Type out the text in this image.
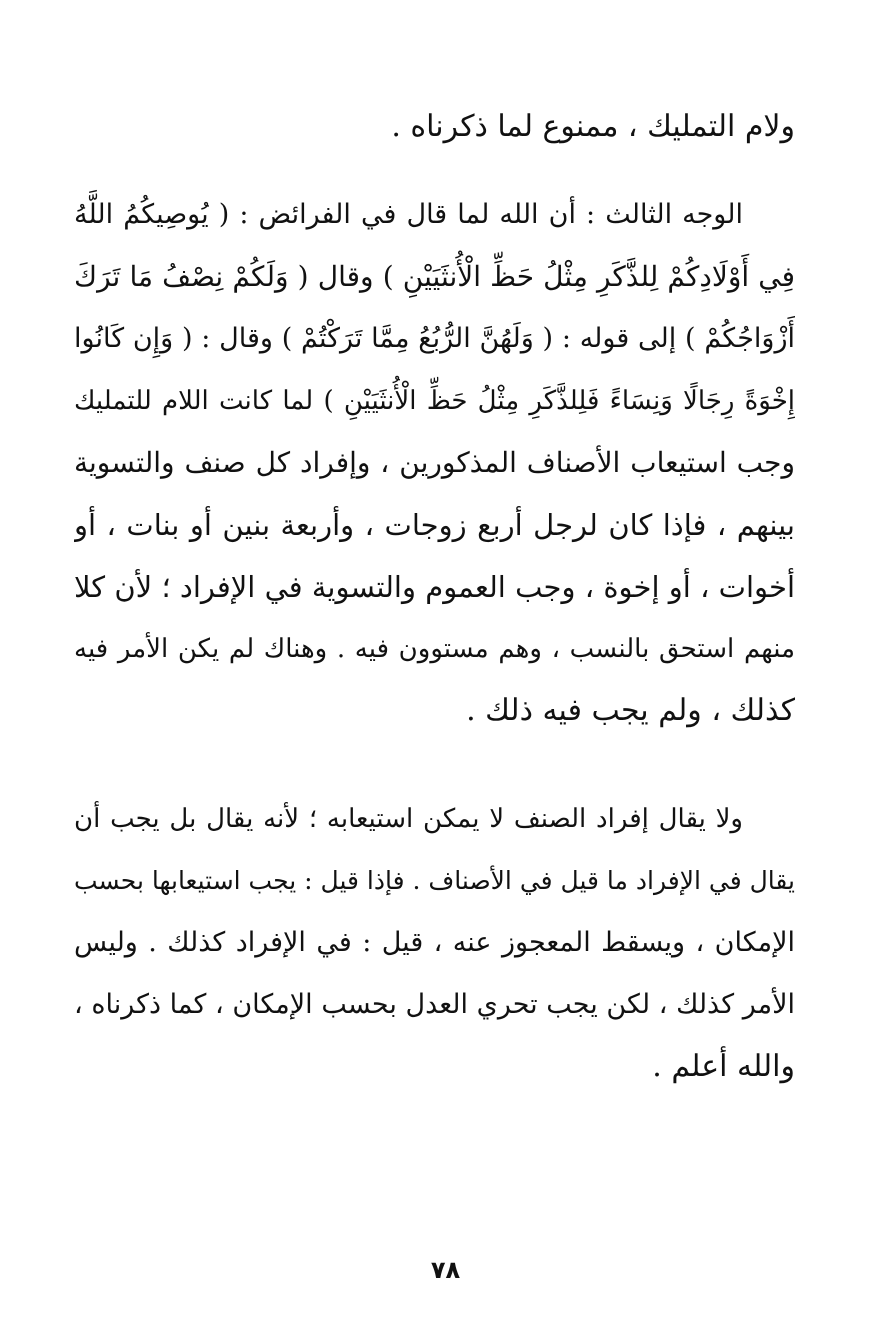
ولام التمليك ، ممنوع لما ذكرناه .
الوجه الثالث : أن الله لما قال في الفرائض : ( يُوصِيكُمُ اللَّهُ
فِي أَوْلَادِكُمْ لِلذَّكَرِ مِثْلُ حَظِّ الْأُنثَيَيْنِ ) وقال ( وَلَكُمْ نِصْفُ مَا تَرَكَ
أَزْوَاجُكُمْ ) إلى قوله : ( وَلَهُنَّ الرُّبُعُ مِمَّا تَرَكْتُمْ ) وقال : ( وَإِن كَانُوا
إِخْوَةً رِجَالًا وَنِسَاءً فَلِلذَّكَرِ مِثْلُ حَظِّ الْأُنثَيَيْنِ ) لما كانت اللام للتمليك
وجب استيعاب الأصناف المذكورين ، وإفراد كل صنف والتسوية
بينهم ، فإذا كان لرجل أربع زوجات ، وأربعة بنين أو بنات ، أو
أخوات ، أو إخوة ، وجب العموم والتسوية في الإفراد ؛ لأن كلا
منهم استحق بالنسب ، وهم مستوون فيه . وهناك لم يكن الأمر فيه
كذلك ، ولم يجب فيه ذلك .
ولا يقال إفراد الصنف لا يمكن استيعابه ؛ لأنه يقال بل يجب أن
يقال في الإفراد ما قيل في الأصناف . فإذا قيل : يجب استيعابها بحسب
الإمكان ، ويسقط المعجوز عنه ، قيل : في الإفراد كذلك . وليس
الأمر كذلك ، لكن يجب تحري العدل بحسب الإمكان ، كما ذكرناه ،
والله أعلم .
٧٨
